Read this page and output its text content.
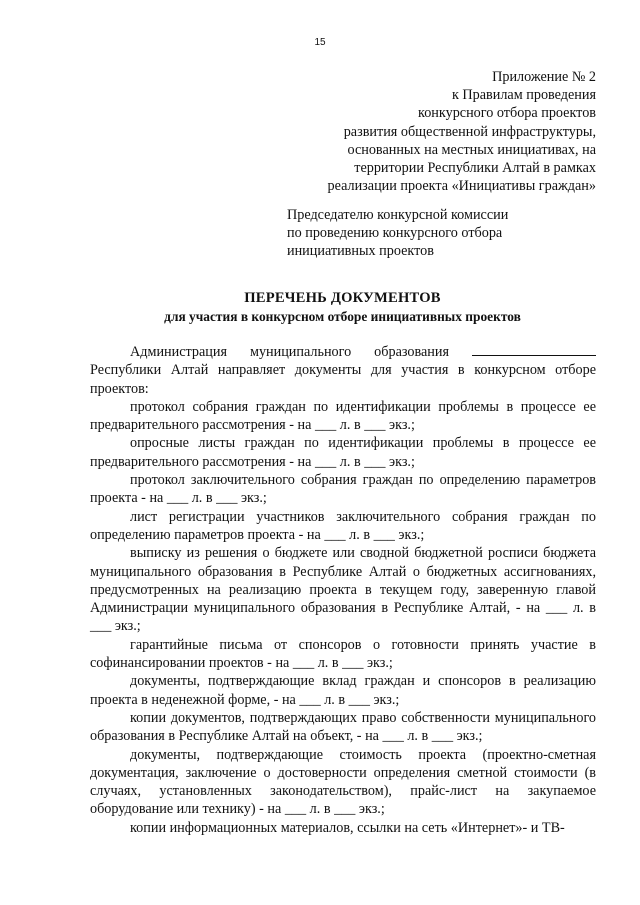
15
Приложение № 2
к Правилам проведения
конкурсного отбора проектов
развития общественной инфраструктуры,
основанных на местных инициативах, на
территории Республики Алтай в рамках
реализации проекта «Инициативы граждан»
Председателю конкурсной комиссии
по проведению конкурсного отбора
инициативных проектов
ПЕРЕЧЕНЬ ДОКУМЕНТОВ
для участия в конкурсном отборе инициативных проектов

Администрация муниципального образования  Республики Алтай направляет документы для участия в конкурсном отборе проектов:

протокол собрания граждан по идентификации проблемы в процессе ее предварительного рассмотрения - на ___ л. в ___ экз.;

опросные листы граждан по идентификации проблемы в процессе ее предварительного рассмотрения - на ___ л. в ___ экз.;

протокол заключительного собрания граждан по определению параметров проекта - на ___ л. в ___ экз.;

лист регистрации участников заключительного собрания граждан по определению параметров проекта - на ___ л. в ___ экз.;

выписку из решения о бюджете или сводной бюджетной росписи бюджета муниципального образования в Республике Алтай о бюджетных ассигнованиях, предусмотренных на реализацию проекта в текущем году, заверенную главой Администрации муниципального образования в Республике Алтай, - на ___ л. в ___ экз.;

гарантийные письма от спонсоров о готовности принять участие в софинансировании проектов - на ___ л. в ___ экз.;

документы, подтверждающие вклад граждан и спонсоров в реализацию проекта в неденежной форме, - на ___ л. в ___ экз.;

копии документов, подтверждающих право собственности муниципального образования в Республике Алтай на объект, - на ___ л. в ___ экз.;

документы, подтверждающие стоимость проекта (проектно-сметная документация, заключение о достоверности определения сметной стоимости (в случаях, установленных законодательством), прайс-лист на закупаемое оборудование или технику) - на ___ л. в ___ экз.;

копии информационных материалов, ссылки на сеть «Интернет»- и ТВ-
